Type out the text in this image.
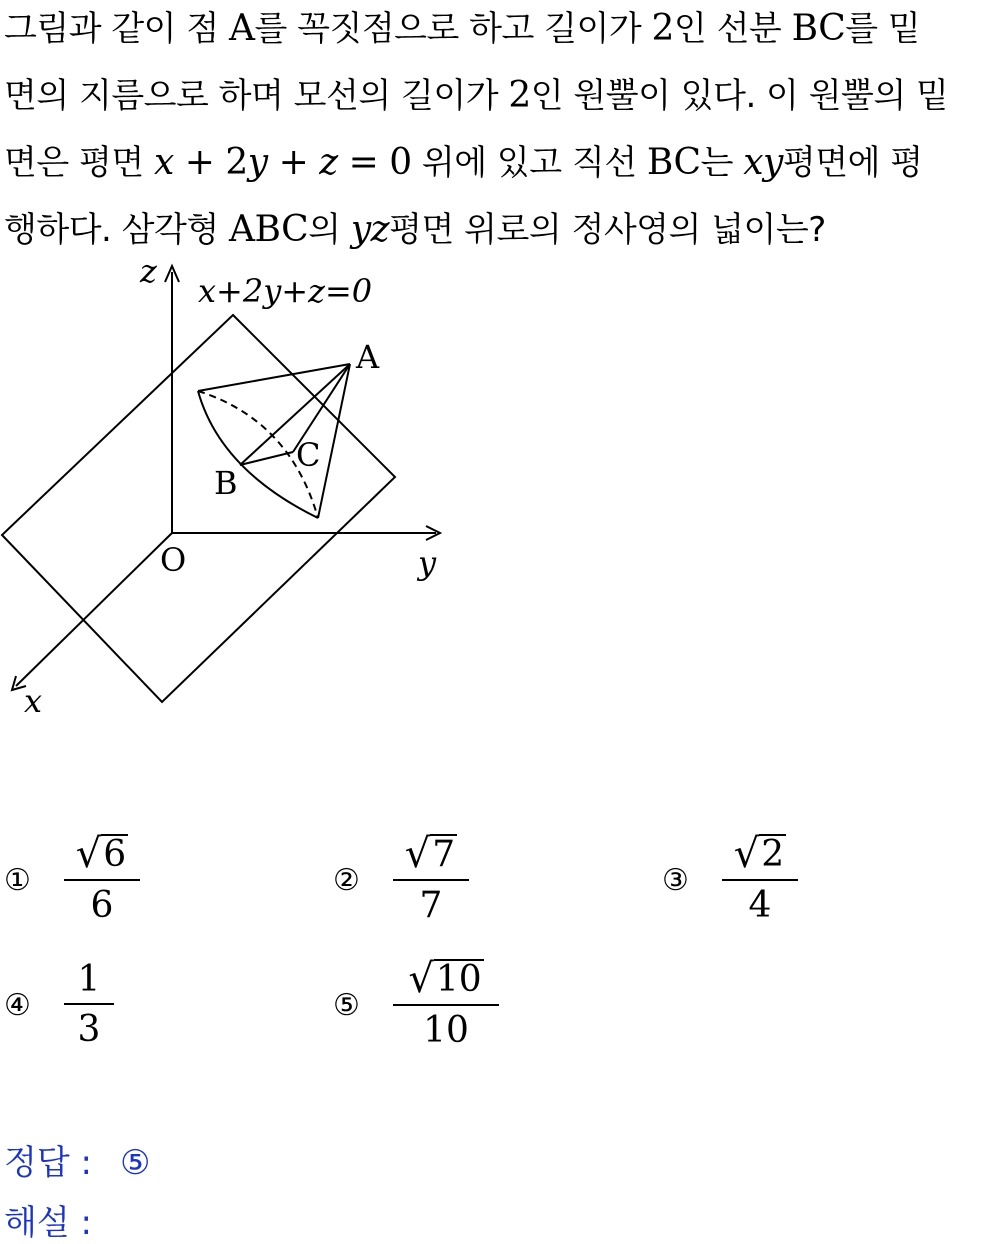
그림과 같이 점 A를 꼭짓점으로 하고 길이가 2인 선분 BC를 밑
면의 지름으로 하며 모선의 길이가 2인 원뿔이 있다. 이 원뿔의 밑
면은 평면 x + 2y + z = 0 위에 있고 직선 BC는 xy평면에 평
행하다. 삼각형 ABC의 yz평면 위로의 정사영의 넓이는?
x+2y+z=0
z
y
x
O
A
B
C
① $\frac{√ 6}{6}$	② $\frac{√ 7}{7}$	③ $\frac{√ 2}{4}$
④ $\frac{1}{3}$	⑤ $\frac{√ 10}{10}$
정답 : ⑤
해설 :
